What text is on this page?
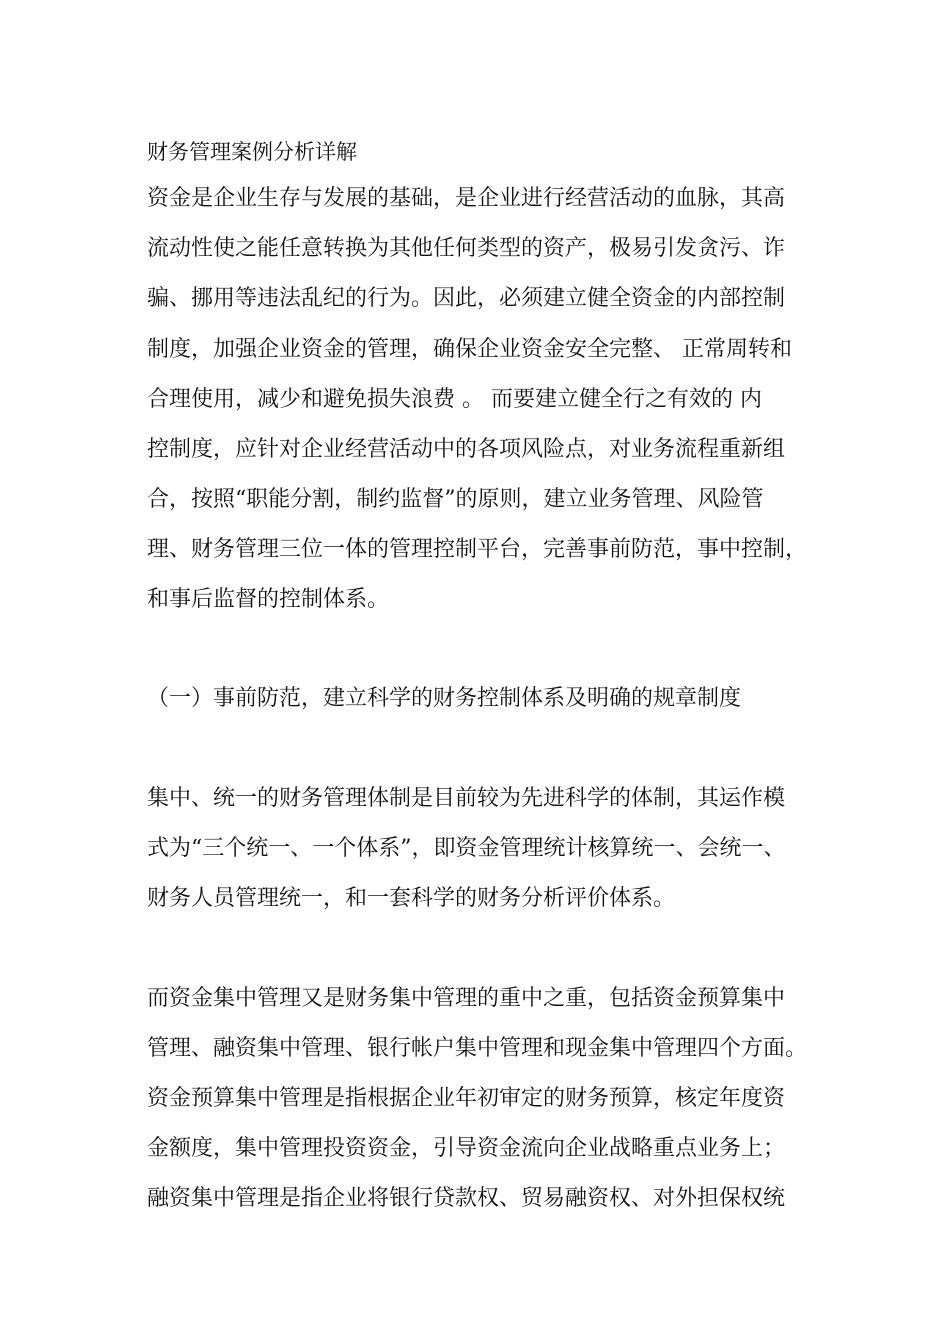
财务管理案例分析详解
资金是企业生存与发展的基础，是企业进行经营活动的血脉，其高
流动性使之能任意转换为其他任何类型的资产，极易引发贪污、诈
骗、挪用等违法乱纪的行为。因此，必须建立健全资金的内部控制
制度，加强企业资金的管理，确保企业资金安全完整、 正常周转和
合理使用，减少和避免损失浪费 。 而要建立健全行之有效的 内
控制度，应针对企业经营活动中的各项风险点，对业务流程重新组
合，按照“职能分割，制约监督”的原则，建立业务管理、风险管
理、财务管理三位一体的管理控制平台，完善事前防范，事中控制，
和事后监督的控制体系。
（一）事前防范，建立科学的财务控制体系及明确的规章制度
集中、统一的财务管理体制是目前较为先进科学的体制，其运作模
式为“三个统一、一个体系”，即资金管理统计核算统一、会统一、
财务人员管理统一，和一套科学的财务分析评价体系。
而资金集中管理又是财务集中管理的重中之重，包括资金预算集中
管理、融资集中管理、银行帐户集中管理和现金集中管理四个方面。
资金预算集中管理是指根据企业年初审定的财务预算，核定年度资
金额度，集中管理投资资金，引导资金流向企业战略重点业务上；
融资集中管理是指企业将银行贷款权、贸易融资权、对外担保权统
